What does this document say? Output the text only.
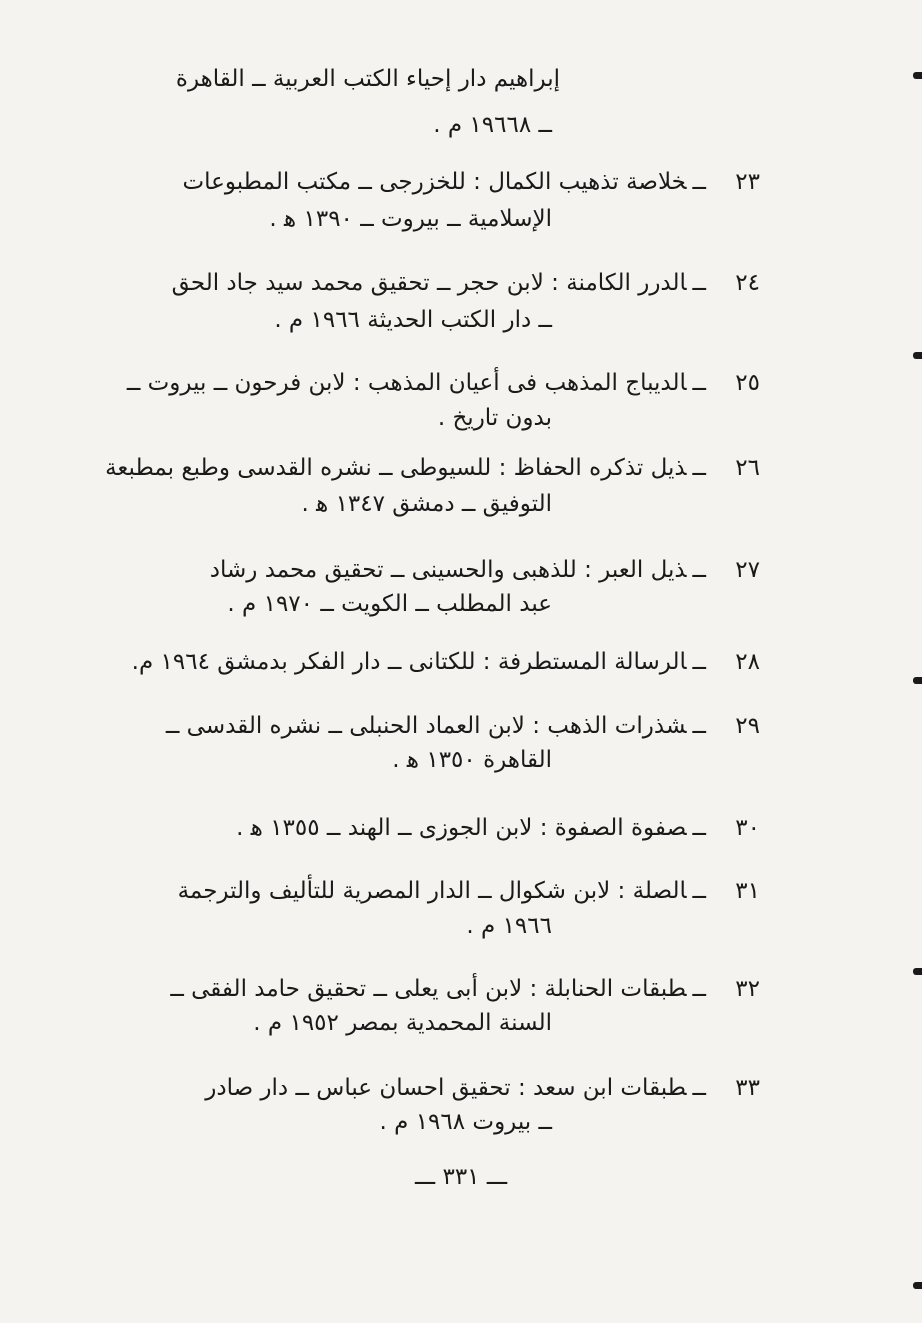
إبراهيم دار إحياء الكتب العربية ــ القاهرة
ــ ١٩٦٦٨ م .
٢٣ــخلاصة تذهيب الكمال : للخزرجى ــ مكتب المطبوعات
الإسلامية ــ بيروت ــ ١٣٩٠ ﻫ .
٢٤ــالدرر الكامنة : لابن حجر ــ تحقيق محمد سيد جاد الحق
ــ دار الكتب الحديثة ١٩٦٦ م .
٢٥ــالديباج المذهب فى أعيان المذهب : لابن فرحون ــ بيروت ــ
بدون تاريخ .
٢٦ــذيل تذكره الحفاظ : للسيوطى ــ نشره القدسى وطبع بمطبعة
التوفيق ــ دمشق ١٣٤٧ ﻫ .
٢٧ــذيل العبر : للذهبى والحسينى ــ تحقيق محمد رشاد
عبد المطلب ــ الكويت ــ ١٩٧٠ م .
٢٨ــالرسالة المستطرفة : للكتانى ــ دار الفكر بدمشق ١٩٦٤ م.
٢٩ــشذرات الذهب : لابن العماد الحنبلى ــ نشره القدسى ــ
القاهرة ١٣٥٠ ﻫ .
٣٠ــصفوة الصفوة : لابن الجوزى ــ الهند ــ ١٣٥٥ ﻫ .
٣١ــالصلة : لابن شكوال ــ الدار المصرية للتأليف والترجمة
١٩٦٦ م .
٣٢ــطبقات الحنابلة : لابن أبى يعلى ــ تحقيق حامد الفقى ــ
السنة المحمدية بمصر ١٩٥٢ م .
٣٣ــطبقات ابن سعد : تحقيق احسان عباس ــ دار صادر
ــ بيروت ١٩٦٨ م .
ـــ ٣٣١ ـــ
